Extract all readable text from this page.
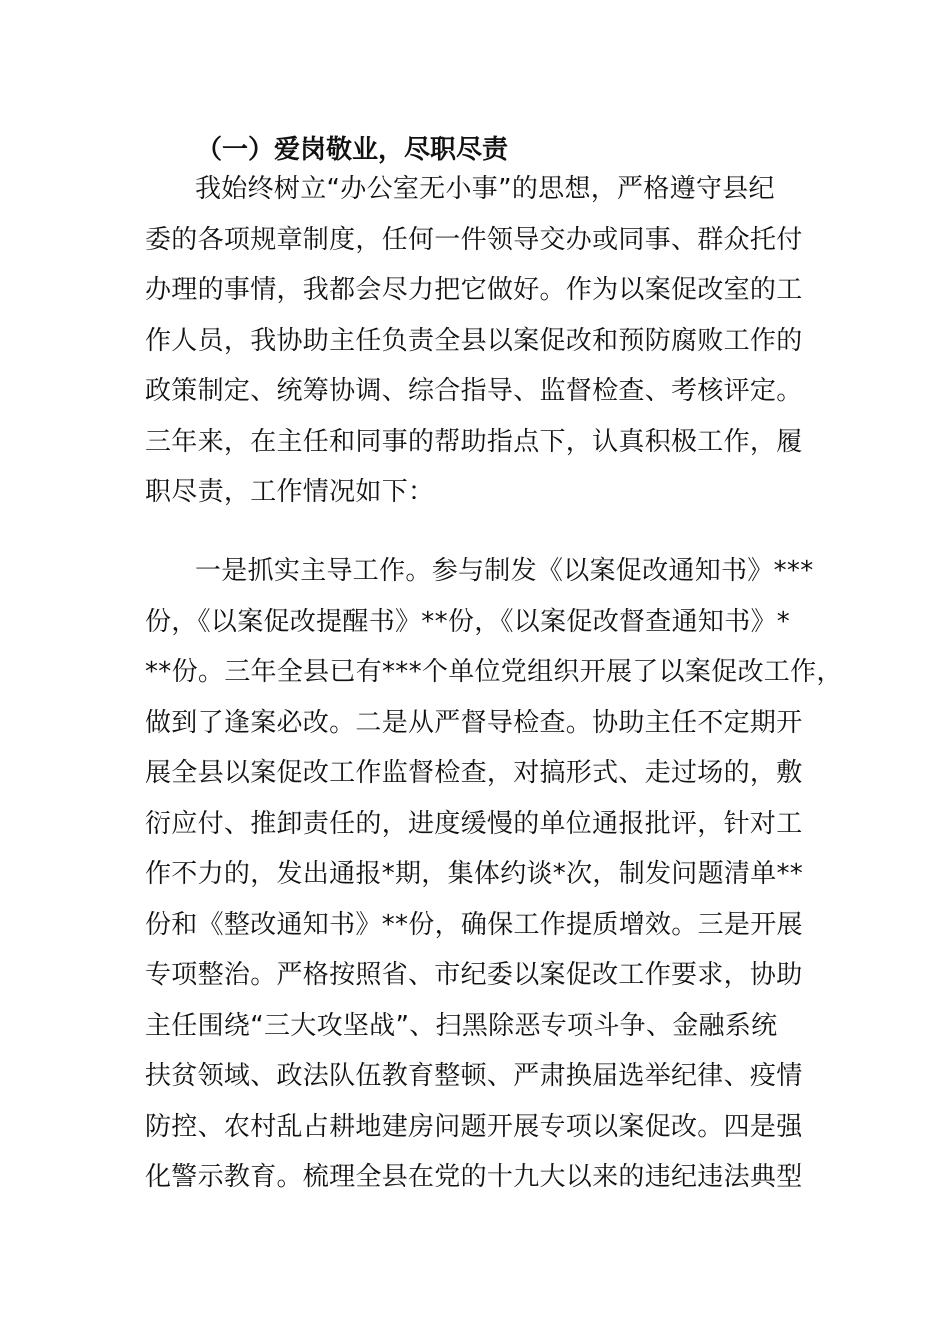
（一）爱岗敬业，尽职尽责
我始终树立“办公室无小事”的思想，严格遵守县纪
委的各项规章制度，任何一件领导交办或同事、群众托付
办理的事情，我都会尽力把它做好。作为以案促改室的工
作人员，我协助主任负责全县以案促改和预防腐败工作的
政策制定、统筹协调、综合指导、监督检查、考核评定。
三年来，在主任和同事的帮助指点下，认真积极工作，履
职尽责，工作情况如下：
一是抓实主导工作。参与制发《以案促改通知书》***
份，《以案促改提醒书》**份，《以案促改督查通知书》*
**份。三年全县已有***个单位党组织开展了以案促改工作，
做到了逢案必改。二是从严督导检查。协助主任不定期开
展全县以案促改工作监督检查，对搞形式、走过场的，敷
衍应付、推卸责任的，进度缓慢的单位通报批评，针对工
作不力的，发出通报*期，集体约谈*次，制发问题清单**
份和《整改通知书》**份，确保工作提质增效。三是开展
专项整治。严格按照省、市纪委以案促改工作要求，协助
主任围绕“三大攻坚战”、扫黑除恶专项斗争、金融系统
扶贫领域、政法队伍教育整顿、严肃换届选举纪律、疫情
防控、农村乱占耕地建房问题开展专项以案促改。四是强
化警示教育。梳理全县在党的十九大以来的违纪违法典型
